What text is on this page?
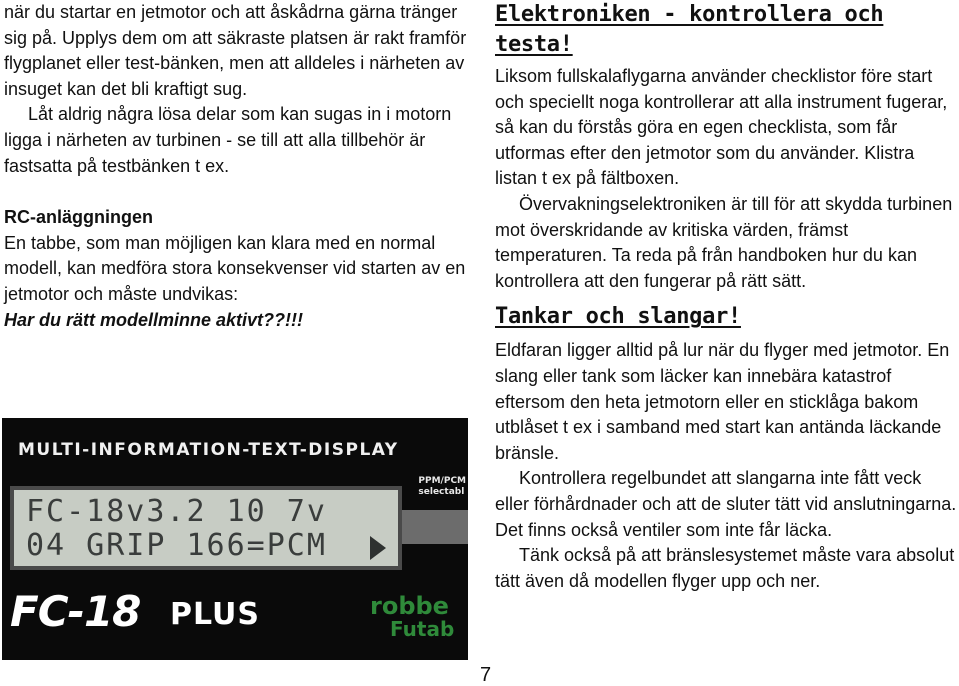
när du startar en jetmotor och att åskådrna gärna tränger sig på. Upplys dem om att säkraste platsen är rakt framför flygplanet eller test-bänken, men att alldeles i närheten av insuget kan det bli kraftigt sug.

Låt aldrig några lösa delar som kan sugas in i motorn ligga i närheten av turbinen - se till att alla tillbehör är fastsatta på testbänken t ex.

RC-anläggningen

En tabbe, som man möjligen kan klara med en normal modell, kan medföra stora konsekvenser vid starten av en jetmotor och måste undvikas:
Har du rätt modellminne aktivt??!!!

MULTI-INFORMATION-TEXT-DISPLAY
PPM/PCM
selectabl
FC-18v3.2 10 7v
04 GRIP 166=PCM
FC-18 PLUS	robbe
Futab
Elektroniken - kontrollera och testa!

Liksom fullskalaflygarna använder checklistor före start och speciellt noga kontrollerar att alla instrument fugerar, så kan du förstås göra en egen checklista, som får utformas efter den jetmotor som du använder. Klistra listan t ex på fältboxen.

Övervakningselektroniken är till för att skydda turbinen mot överskridande av kritiska värden, främst temperaturen. Ta reda på från handboken hur du kan kontrollera att den fungerar på rätt sätt.

Tankar och slangar!

Eldfaran ligger alltid på lur när du flyger med jetmotor. En slang eller tank som läcker kan innebära katastrof eftersom den heta jetmotorn eller en sticklåga bakom utblåset t ex i samband med start kan antända läckande bränsle.

Kontrollera regelbundet att slangarna inte fått veck eller förhårdnader och att de sluter tätt vid anslutningarna. Det finns också ventiler som inte får läcka.

Tänk också på att bränslesystemet måste vara absolut tätt även då modellen flyger upp och ner.

7
